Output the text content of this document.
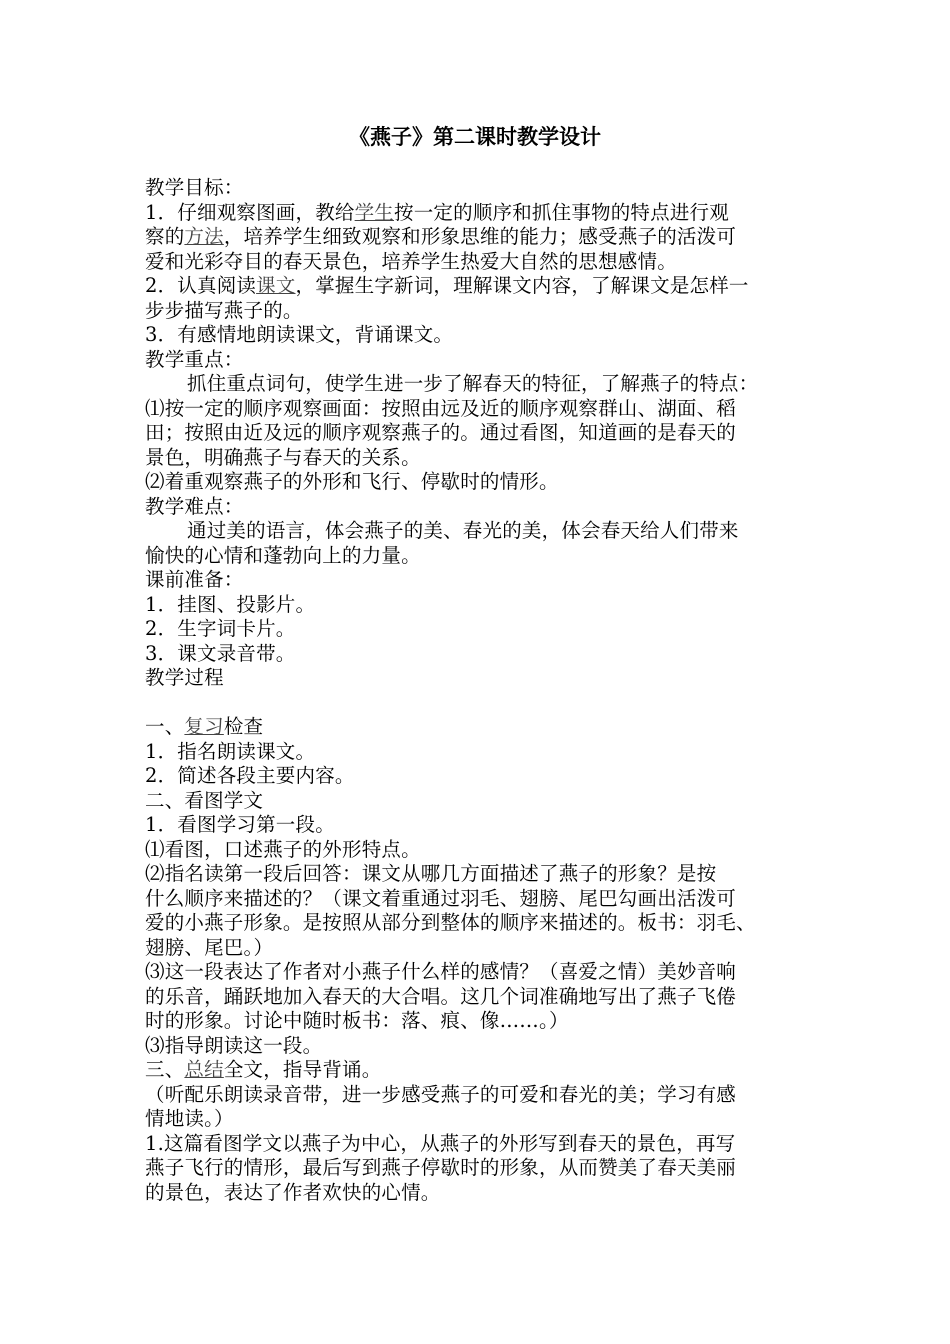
《燕子》第二课时教学设计
教学目标：
1．仔细观察图画，教给学生按一定的顺序和抓住事物的特点进行观
察的方法，培养学生细致观察和形象思维的能力；感受燕子的活泼可
爱和光彩夺目的春天景色，培养学生热爱大自然的思想感情。
2．认真阅读课文，掌握生字新词，理解课文内容，了解课文是怎样一
步步描写燕子的。
3．有感情地朗读课文，背诵课文。
教学重点：
抓住重点词句，使学生进一步了解春天的特征，了解燕子的特点：
⑴按一定的顺序观察画面：按照由远及近的顺序观察群山、湖面、稻
田；按照由近及远的顺序观察燕子的。通过看图，知道画的是春天的
景色，明确燕子与春天的关系。
⑵着重观察燕子的外形和飞行、停歇时的情形。
教学难点：
通过美的语言，体会燕子的美、春光的美，体会春天给人们带来
愉快的心情和蓬勃向上的力量。
课前准备：
1．挂图、投影片。
2．生字词卡片。
3．课文录音带。
教学过程
一、复习检查
1．指名朗读课文。
2．简述各段主要内容。
二、看图学文
1．看图学习第一段。
⑴看图，口述燕子的外形特点。
⑵指名读第一段后回答：课文从哪几方面描述了燕子的形象？是按
什么顺序来描述的？（课文着重通过羽毛、翅膀、尾巴勾画出活泼可
爱的小燕子形象。是按照从部分到整体的顺序来描述的。板书：羽毛、
翅膀、尾巴。）
⑶这一段表达了作者对小燕子什么样的感情？（喜爱之情）美妙音响
的乐音，踊跃地加入春天的大合唱。这几个词准确地写出了燕子飞倦
时的形象。讨论中随时板书：落、痕、像……。）
⑶指导朗读这一段。
三、总结全文，指导背诵。
（听配乐朗读录音带，进一步感受燕子的可爱和春光的美；学习有感
情地读。）
1.这篇看图学文以燕子为中心，从燕子的外形写到春天的景色，再写
燕子飞行的情形，最后写到燕子停歇时的形象，从而赞美了春天美丽
的景色，表达了作者欢快的心情。
